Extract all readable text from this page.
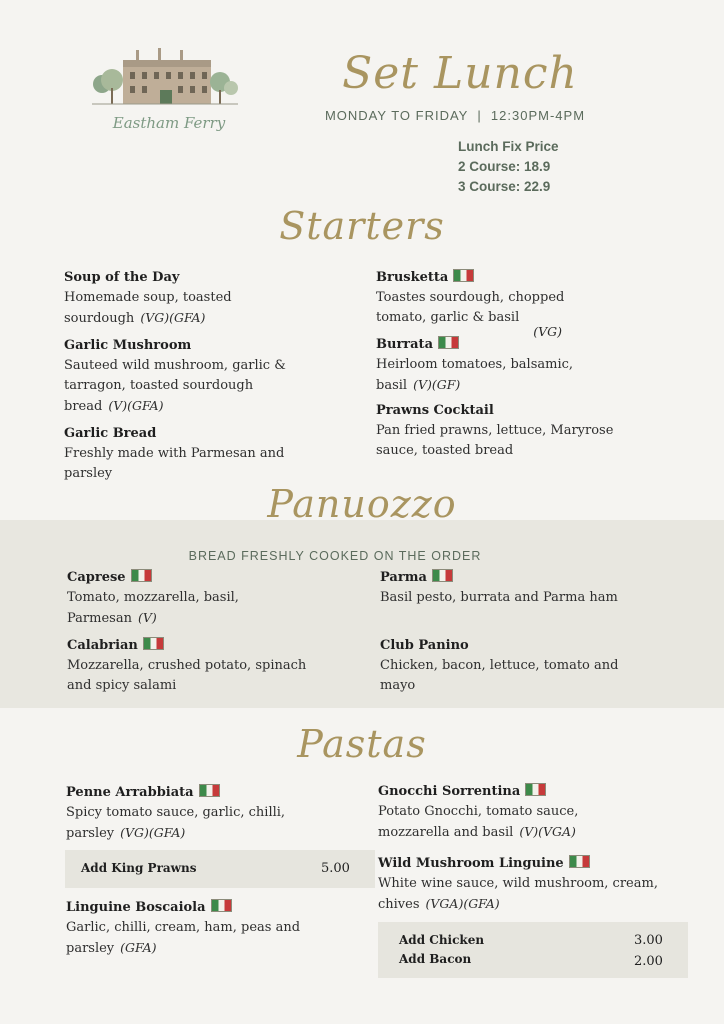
Eastham Ferry
Set Lunch
MONDAY TO FRIDAY  |  12:30PM-4PM
Lunch Fix Price
2 Course: 18.9
3 Course: 22.9
Starters
Soup of the Day
Homemade soup, toasted sourdough (VG)(GFA)
Garlic Mushroom
Sauteed wild mushroom, garlic & tarragon, toasted sourdough bread (V)(GFA)
Garlic Bread
Freshly made with Parmesan and parsley
Brusketta
Toastes sourdough, chopped tomato, garlic & basil
(VG)
Burrata
Heirloom tomatoes, balsamic, basil (V)(GF)
Prawns Cocktail
Pan fried prawns, lettuce, Maryrose sauce, toasted bread
Panuozzo
BREAD FRESHLY COOKED ON THE ORDER
Caprese
Tomato, mozzarella, basil, Parmesan (V)
Calabrian
Mozzarella, crushed potato, spinach and spicy salami
Parma
Basil pesto, burrata and Parma ham
Club Panino
Chicken, bacon, lettuce, tomato and mayo
Pastas
Penne Arrabbiata
Spicy tomato sauce, garlic, chilli, parsley (VG)(GFA)
Add King Prawns	5.00
Linguine Boscaiola
Garlic, chilli, cream, ham, peas and parsley (GFA)
Gnocchi Sorrentina
Potato Gnocchi, tomato sauce, mozzarella and basil (V)(VGA)
Wild Mushroom Linguine
White wine sauce, wild mushroom, cream, chives (VGA)(GFA)
Add Chicken	3.00
Add Bacon	2.00
